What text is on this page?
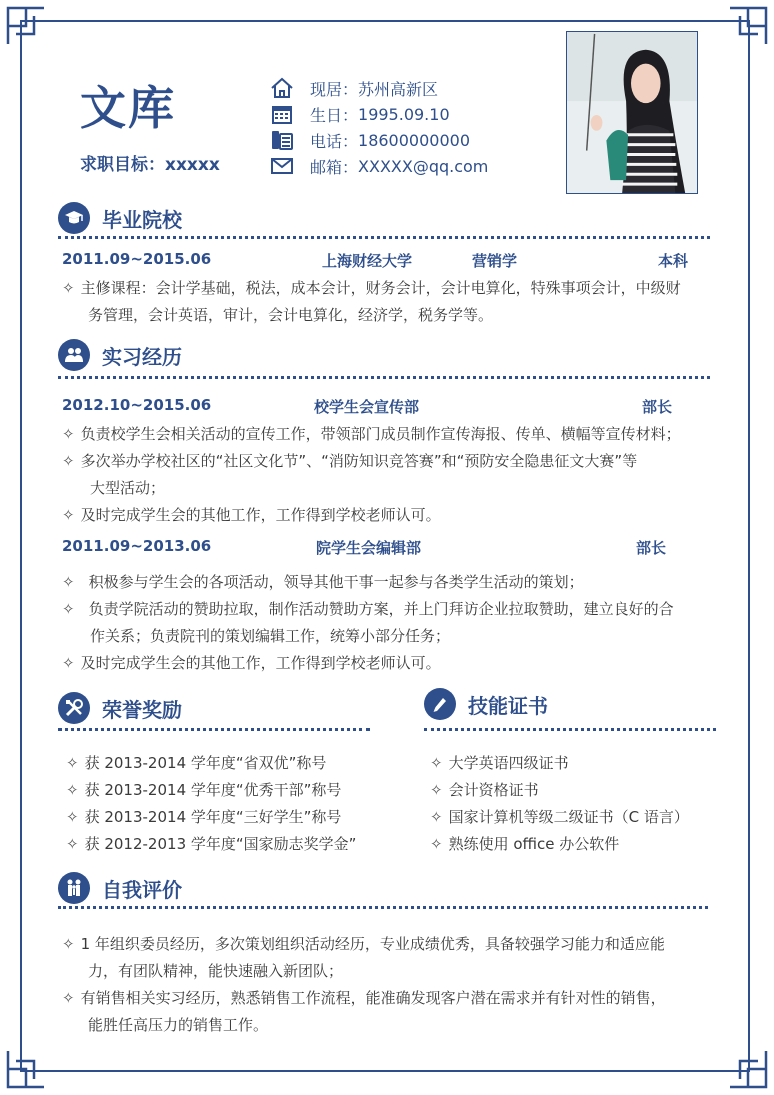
文库
求职目标：xxxxx
现居： 苏州高新区
生日： 1995.09.10
电话： 18600000000
邮箱： XXXXX@qq.com
毕业院校
2011.09~2015.06	上海财经大学	营销学	本科
✧ 主修课程：会计学基础，税法，成本会计，财务会计，会计电算化，特殊事项会计，中级财
务管理，会计英语，审计，会计电算化，经济学，税务学等。
实习经历
2012.10~2015.06	校学生会宣传部	部长
✧ 负责校学生会相关活动的宣传工作，带领部门成员制作宣传海报、传单、横幅等宣传材料；
✧ 多次举办学校社区的“社区文化节”、“消防知识竞答赛”和“预防安全隐患征文大赛”等
大型活动；
✧ 及时完成学生会的其他工作，工作得到学校老师认可。
2011.09~2013.06	院学生会编辑部	部长
✧ 积极参与学生会的各项活动，领导其他干事一起参与各类学生活动的策划；
✧ 负责学院活动的赞助拉取，制作活动赞助方案，并上门拜访企业拉取赞助，建立良好的合
作关系；负责院刊的策划编辑工作，统筹小部分任务；
✧ 及时完成学生会的其他工作，工作得到学校老师认可。
荣誉奖励
✧ 获 2013-2014 学年度“省双优”称号
✧ 获 2013-2014 学年度“优秀干部”称号
✧ 获 2013-2014 学年度“三好学生”称号
✧ 获 2012-2013 学年度“国家励志奖学金”
技能证书
✧ 大学英语四级证书
✧ 会计资格证书
✧ 国家计算机等级二级证书（C 语言）
✧ 熟练使用 office 办公软件
自我评价
✧ 1 年组织委员经历，多次策划组织活动经历，专业成绩优秀，具备较强学习能力和适应能
力，有团队精神，能快速融入新团队；
✧ 有销售相关实习经历，熟悉销售工作流程，能准确发现客户潜在需求并有针对性的销售，
能胜任高压力的销售工作。
